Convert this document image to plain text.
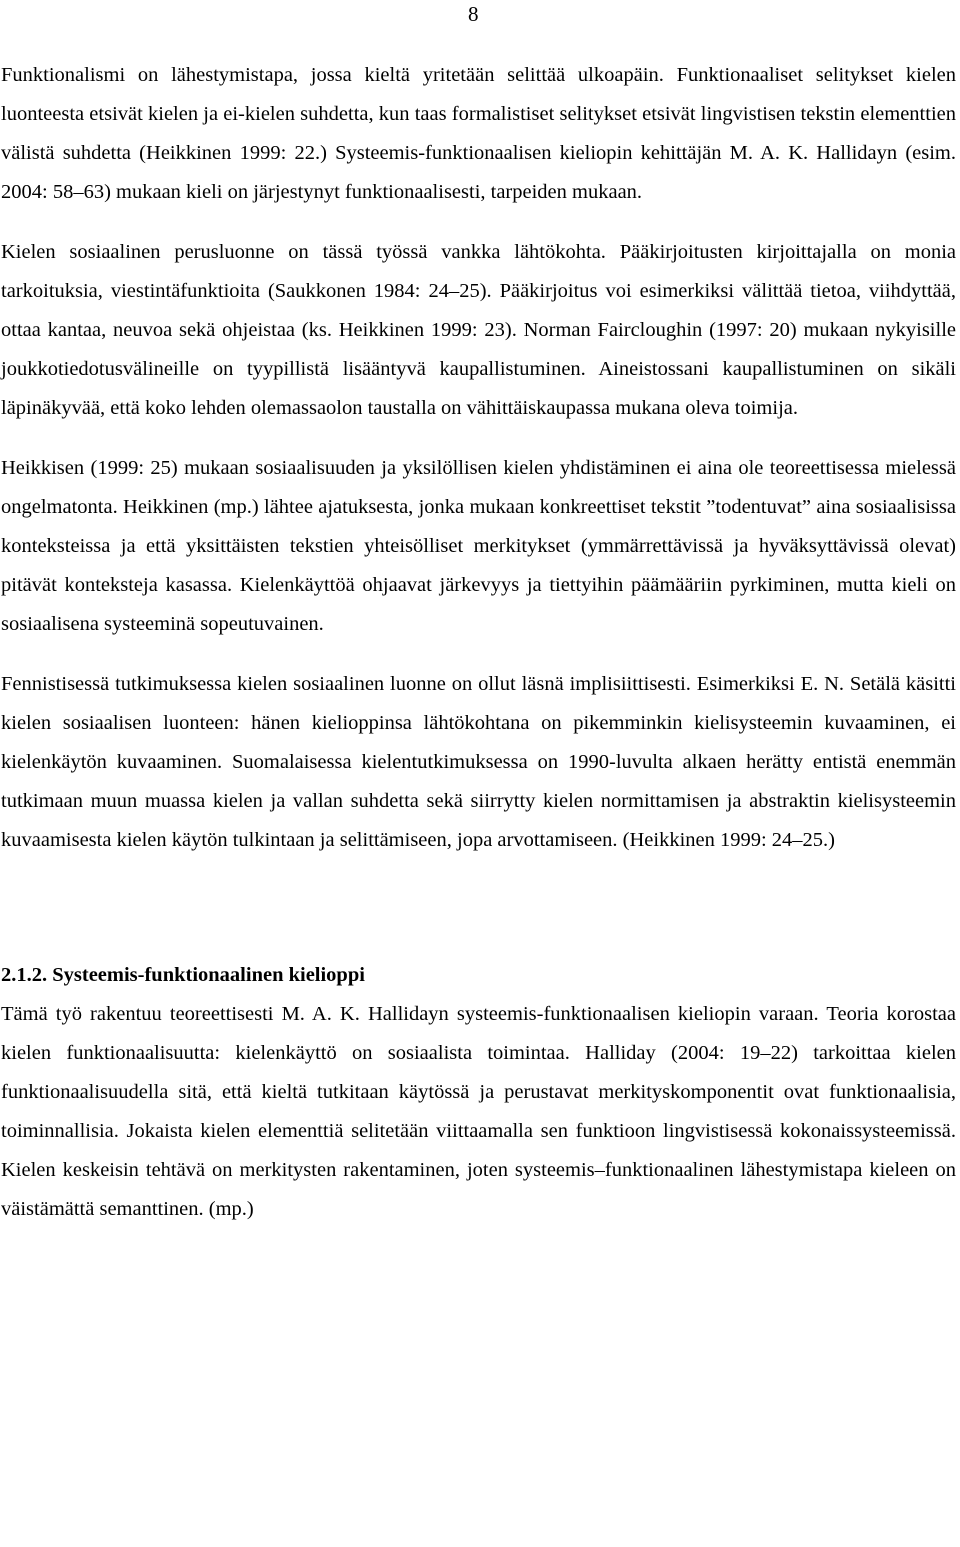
8

Funktionalismi on lähestymistapa, jossa kieltä yritetään selittää ulkoapäin. Funktionaaliset selitykset kielen luonteesta etsivät kielen ja ei-kielen suhdetta, kun taas formalistiset selitykset etsivät lingvistisen tekstin elementtien välistä suhdetta (Heikkinen 1999: 22.) Systeemis-funktionaalisen kieliopin kehittäjän M. A. K. Hallidayn (esim. 2004: 58–63) mukaan kieli on järjestynyt funktionaalisesti, tarpeiden mukaan.

Kielen sosiaalinen perusluonne on tässä työssä vankka lähtökohta. Pääkirjoitusten kirjoittajalla on monia tarkoituksia, viestintäfunktioita (Saukkonen 1984: 24–25). Pääkirjoitus voi esimerkiksi välittää tietoa, viihdyttää, ottaa kantaa, neuvoa sekä ohjeistaa (ks. Heikkinen 1999: 23). Norman Faircloughin (1997: 20) mukaan nykyisille joukkotiedotusvälineille on tyypillistä lisääntyvä kaupallistuminen. Aineistossani kaupallistuminen on sikäli läpinäkyvää, että koko lehden olemassaolon taustalla on vähittäiskaupassa mukana oleva toimija.

Heikkisen (1999: 25) mukaan sosiaalisuuden ja yksilöllisen kielen yhdistäminen ei aina ole teoreettisessa mielessä ongelmatonta. Heikkinen (mp.) lähtee ajatuksesta, jonka mukaan konkreettiset tekstit ”todentuvat” aina sosiaalisissa konteksteissa ja että yksittäisten tekstien yhteisölliset merkitykset (ymmärrettävissä ja hyväksyttävissä olevat) pitävät konteksteja kasassa. Kielenkäyttöä ohjaavat järkevyys ja tiettyihin päämääriin pyrkiminen, mutta kieli on sosiaalisena systeeminä sopeutuvainen.

Fennistisessä tutkimuksessa kielen sosiaalinen luonne on ollut läsnä implisiittisesti. Esimerkiksi E. N. Setälä käsitti kielen sosiaalisen luonteen: hänen kielioppinsa lähtökohtana on pikemminkin kielisysteemin kuvaaminen, ei kielenkäytön kuvaaminen. Suomalaisessa kielentutkimuksessa on 1990-luvulta alkaen herätty entistä enemmän tutkimaan muun muassa kielen ja vallan suhdetta sekä siirrytty kielen normittamisen ja abstraktin kielisysteemin kuvaamisesta kielen käytön tulkintaan ja selittämiseen, jopa arvottamiseen. (Heikkinen 1999: 24–25.)

2.1.2. Systeemis-funktionaalinen kielioppi

Tämä työ rakentuu teoreettisesti M. A. K. Hallidayn systeemis-funktionaalisen kieliopin varaan. Teoria korostaa kielen funktionaalisuutta: kielenkäyttö on sosiaalista toimintaa. Halliday (2004: 19–22) tarkoittaa kielen funktionaalisuudella sitä, että kieltä tutkitaan käytössä ja perustavat merkityskomponentit ovat funktionaalisia, toiminnallisia. Jokaista kielen elementtiä selitetään viittaamalla sen funktioon lingvistisessä kokonaissysteemissä. Kielen keskeisin tehtävä on merkitysten rakentaminen, joten systeemis–funktionaalinen lähestymistapa kieleen on väistämättä semanttinen. (mp.)
